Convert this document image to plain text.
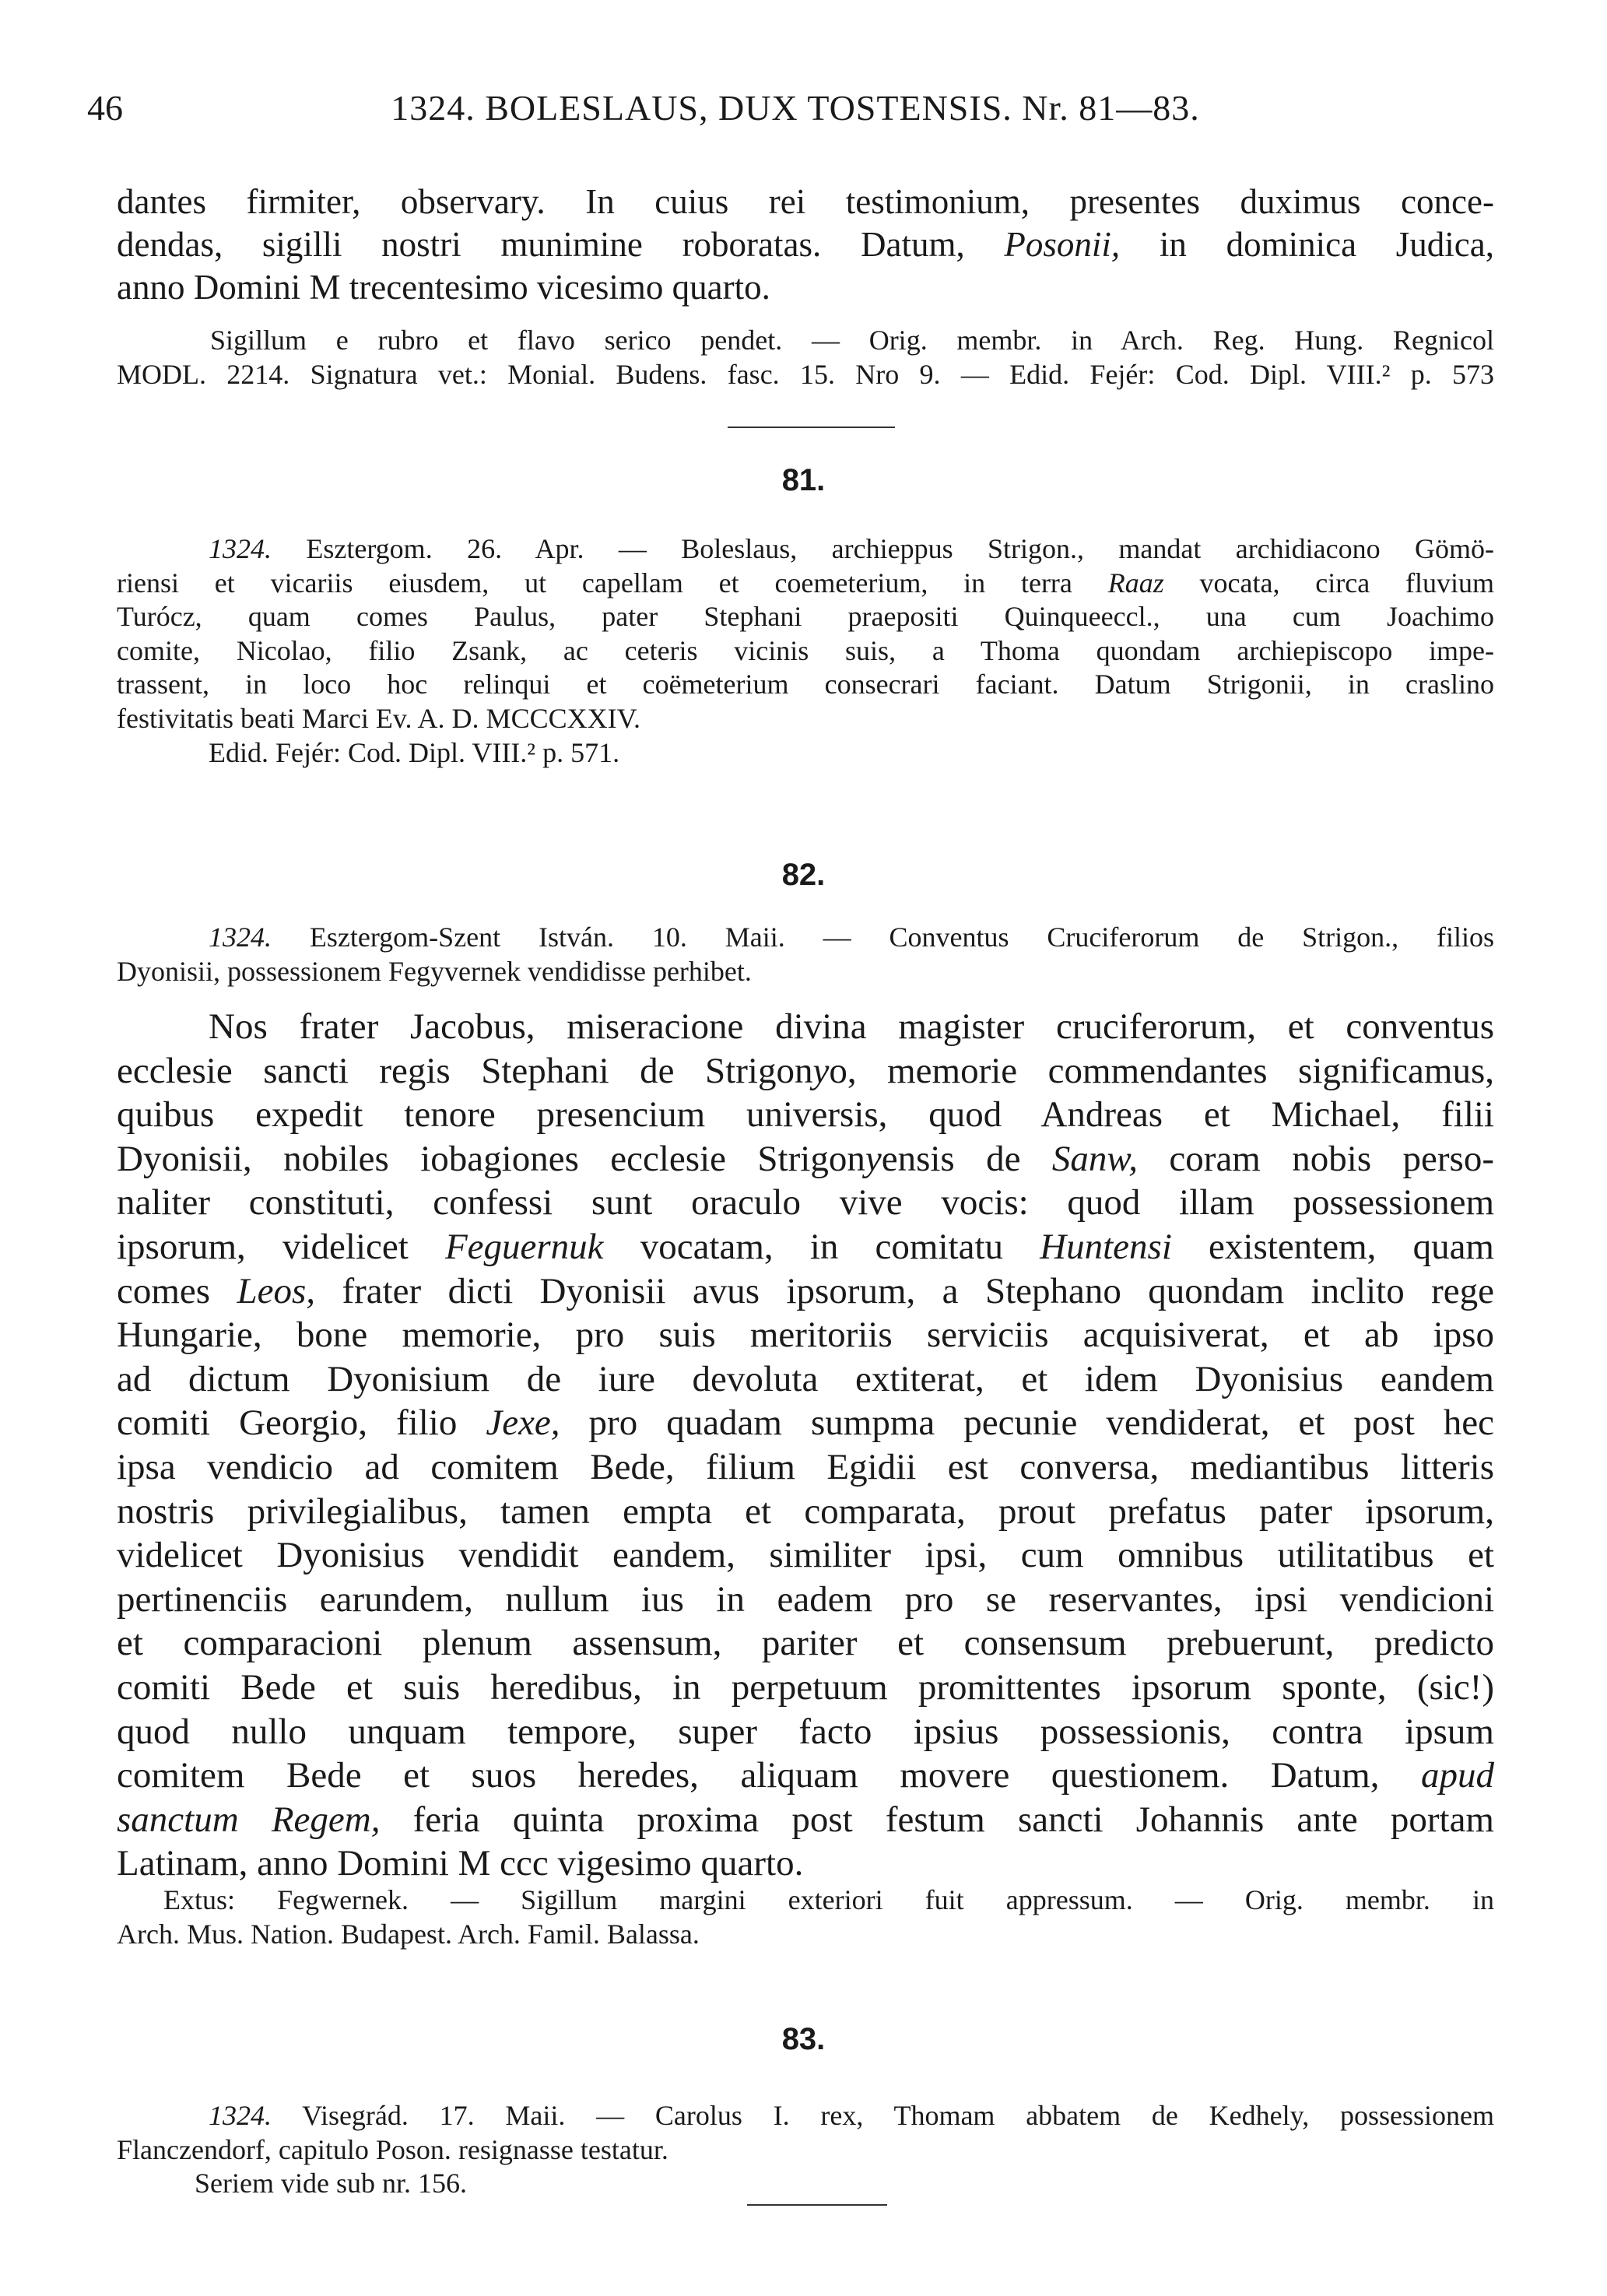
46	1324. BOLESLAUS, DUX TOSTENSIS. Nr. 81—83.
dantes firmiter, observary. In cuius rei testimonium, presentes duximus conce-
dendas, sigilli nostri munimine roboratas. Datum, Posonii, in dominica Judica,
anno Domini M trecentesimo vicesimo quarto.
Sigillum e rubro et flavo serico pendet. — Orig. membr. in Arch. Reg. Hung. Regnicol
MODL. 2214. Signatura vet.: Monial. Budens. fasc. 15. Nro 9. — Edid. Fejér: Cod. Dipl. VIII.² p. 573
81.
1324. Esztergom. 26. Apr. — Boleslaus, archieppus Strigon., mandat archidiacono Gömö-
riensi et vicariis eiusdem, ut capellam et coemeterium, in terra Raaz vocata, circa fluvium
Turócz, quam comes Paulus, pater Stephani praepositi Quinqueeccl., una cum Joachimo
comite, Nicolao, filio Zsank, ac ceteris vicinis suis, a Thoma quondam archiepiscopo impe-
trassent, in loco hoc relinqui et coëmeterium consecrari faciant. Datum Strigonii, in craslino
festivitatis beati Marci Ev. A. D. MCCCXXIV.
Edid. Fejér: Cod. Dipl. VIII.² p. 571.
82.
1324. Esztergom-Szent István. 10. Maii. — Conventus Cruciferorum de Strigon., filios
Dyonisii, possessionem Fegyvernek vendidisse perhibet.
Nos frater Jacobus, miseracione divina magister cruciferorum, et conventus
ecclesie sancti regis Stephani de Strigonyo, memorie commendantes significamus,
quibus expedit tenore presencium universis, quod Andreas et Michael, filii
Dyonisii, nobiles iobagiones ecclesie Strigonyensis de Sanw, coram nobis perso-
naliter constituti, confessi sunt oraculo vive vocis: quod illam possessionem
ipsorum, videlicet Feguernuk vocatam, in comitatu Huntensi existentem, quam
comes Leos, frater dicti Dyonisii avus ipsorum, a Stephano quondam inclito rege
Hungarie, bone memorie, pro suis meritoriis serviciis acquisiverat, et ab ipso
ad dictum Dyonisium de iure devoluta extiterat, et idem Dyonisius eandem
comiti Georgio, filio Jexe, pro quadam sumpma pecunie vendiderat, et post hec
ipsa vendicio ad comitem Bede, filium Egidii est conversa, mediantibus litteris
nostris privilegialibus, tamen empta et comparata, prout prefatus pater ipsorum,
videlicet Dyonisius vendidit eandem, similiter ipsi, cum omnibus utilitatibus et
pertinenciis earundem, nullum ius in eadem pro se reservantes, ipsi vendicioni
et comparacioni plenum assensum, pariter et consensum prebuerunt, predicto
comiti Bede et suis heredibus, in perpetuum promittentes ipsorum sponte, (sic!)
quod nullo unquam tempore, super facto ipsius possessionis, contra ipsum
comitem Bede et suos heredes, aliquam movere questionem. Datum, apud
sanctum Regem, feria quinta proxima post festum sancti Johannis ante portam
Latinam, anno Domini M ccc vigesimo quarto.
Extus: Fegwernek. — Sigillum margini exteriori fuit appressum. — Orig. membr. in
Arch. Mus. Nation. Budapest. Arch. Famil. Balassa.
83.
1324. Visegrád. 17. Maii. — Carolus I. rex, Thomam abbatem de Kedhely, possessionem
Flanczendorf, capitulo Poson. resignasse testatur.
Seriem vide sub nr. 156.
